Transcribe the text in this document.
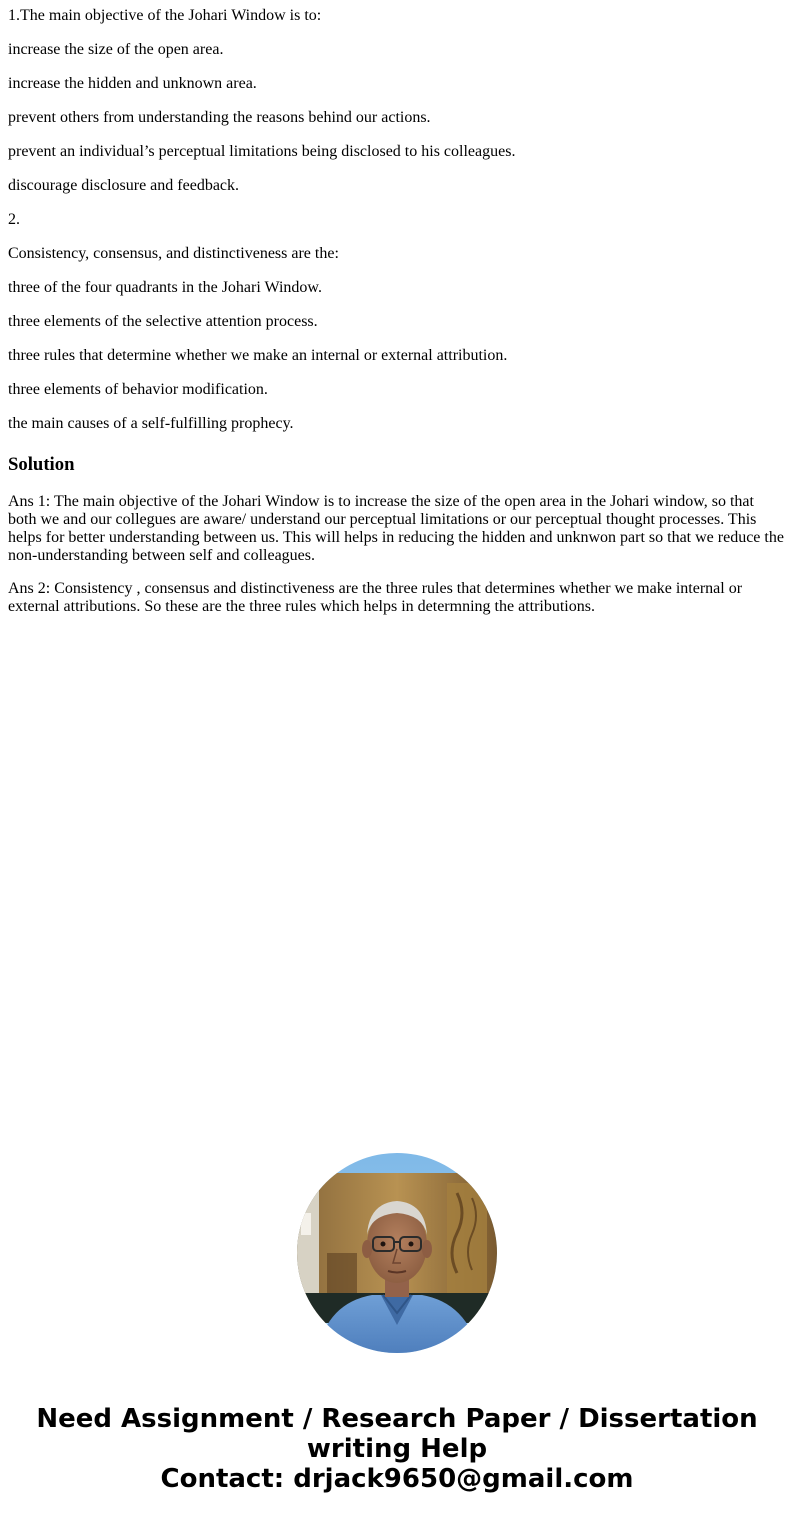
1.The main objective of the Johari Window is to:

increase the size of the open area.

increase the hidden and unknown area.

prevent others from understanding the reasons behind our actions.

prevent an individual’s perceptual limitations being disclosed to his colleagues.

discourage disclosure and feedback.

2.

Consistency, consensus, and distinctiveness are the:

three of the four quadrants in the Johari Window.

three elements of the selective attention process.

three rules that determine whether we make an internal or external attribution.

three elements of behavior modification.

the main causes of a self-fulfilling prophecy.

Solution

Ans 1: The main objective of the Johari Window is to increase the size of the open area in the Johari window, so that both we and our collegues are aware/ understand our perceptual limitations or our perceptual thought processes. This helps for better understanding between us. This will helps in reducing the hidden and unknwon part so that we reduce the non-understanding between self and colleagues.

Ans 2: Consistency , consensus and distinctiveness are the three rules that determines whether we make internal or external attributions. So these are the three rules which helps in determning the attributions.

Need Assignment / Research Paper / Dissertation
writing Help
Contact: drjack9650@gmail.com
